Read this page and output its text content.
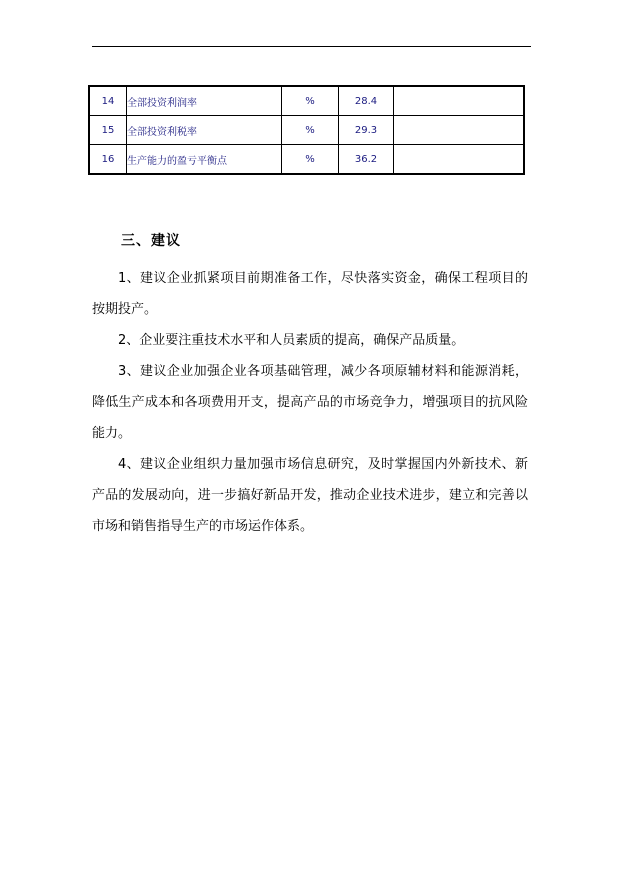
14	全部投资利润率	%	28.4	
15	全部投资利税率	%	29.3	
16	生产能力的盈亏平衡点	%	36.2	
三、建议

1、建议企业抓紧项目前期准备工作，尽快落实资金，确保工程项目的按期投产。

2、企业要注重技术水平和人员素质的提高，确保产品质量。

3、建议企业加强企业各项基础管理，减少各项原辅材料和能源消耗，降低生产成本和各项费用开支，提高产品的市场竞争力，增强项目的抗风险能力。

4、建议企业组织力量加强市场信息研究，及时掌握国内外新技术、新产品的发展动向，进一步搞好新品开发，推动企业技术进步，建立和完善以市场和销售指导生产的市场运作体系。
